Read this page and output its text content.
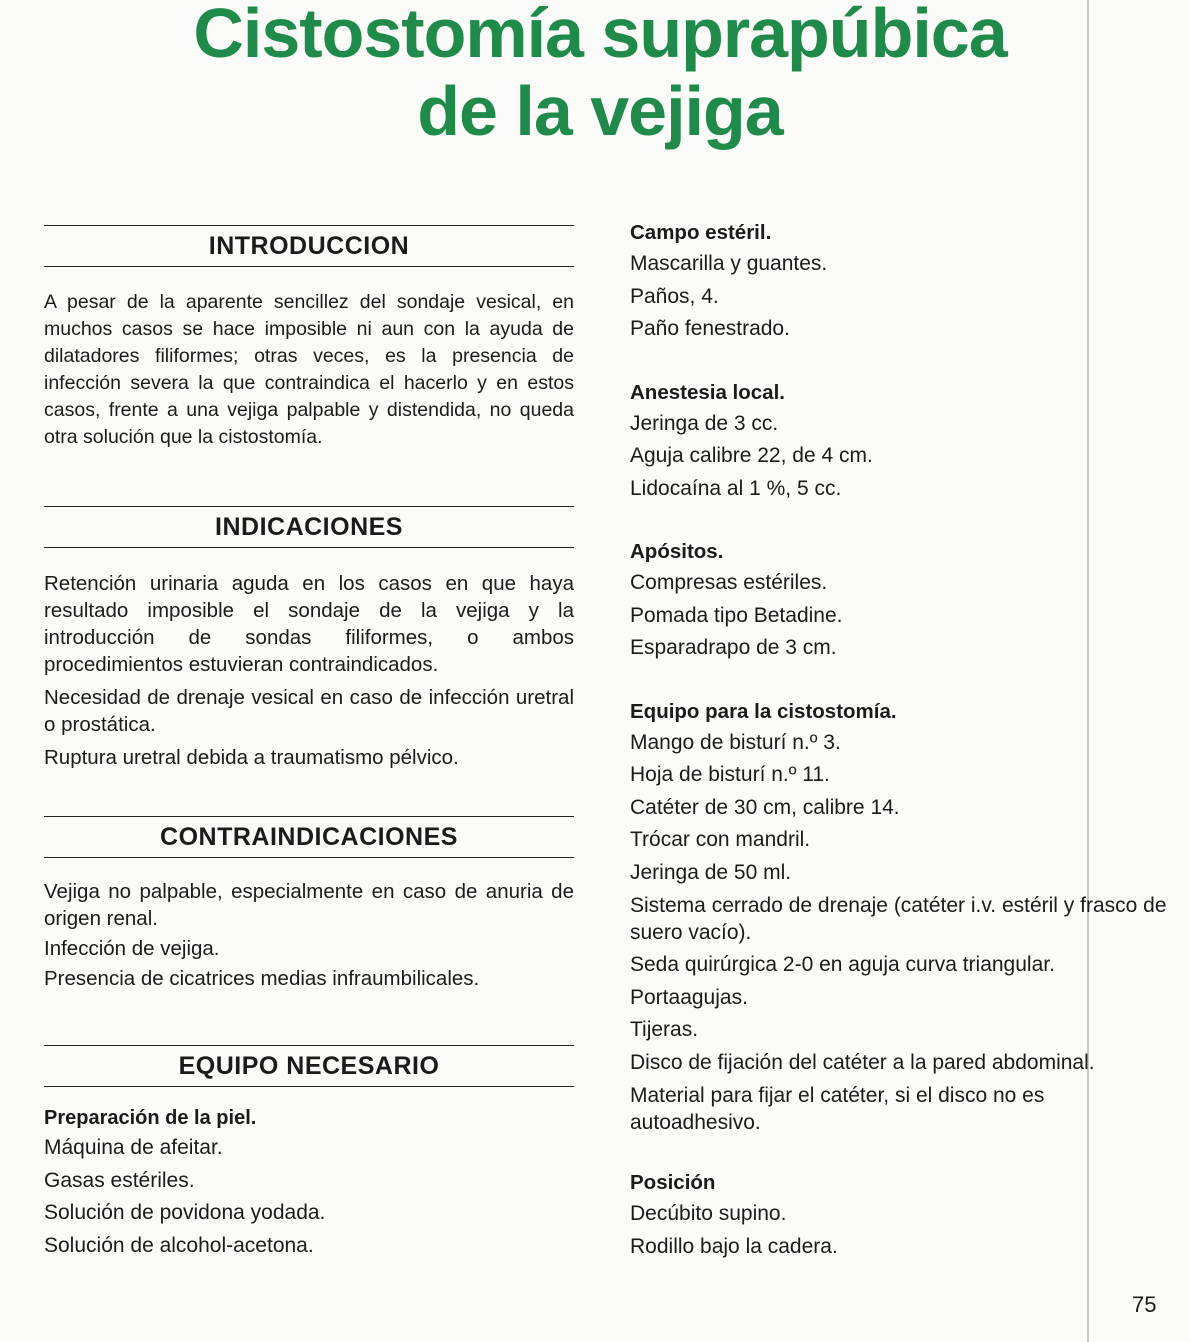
Cistostomía suprapúbica
de la vejiga
INTRODUCCION

A pesar de la aparente sencillez del sondaje vesical, en muchos casos se hace imposible ni aun con la ayuda de dilatadores filiformes; otras veces, es la presencia de infección severa la que contraindica el hacerlo y en estos casos, frente a una vejiga palpable y distendida, no queda otra solución que la cistostomía.

INDICACIONES

Retención urinaria aguda en los casos en que haya resultado imposible el sondaje de la vejiga y la introducción de sondas filiformes, o ambos procedimientos estuvieran contraindicados.

Necesidad de drenaje vesical en caso de infección uretral o prostática.

Ruptura uretral debida a traumatismo pélvico.

CONTRAINDICACIONES

Vejiga no palpable, especialmente en caso de anuria de origen renal.

Infección de vejiga.

Presencia de cicatrices medias infraumbilicales.

EQUIPO NECESARIO

Preparación de la piel.

Máquina de afeitar.

Gasas estériles.

Solución de povidona yodada.

Solución de alcohol-acetona.

Campo estéril.

Mascarilla y guantes.

Paños, 4.

Paño fenestrado.

Anestesia local.

Jeringa de 3 cc.

Aguja calibre 22, de 4 cm.

Lidocaína al 1 %, 5 cc.

Apósitos.

Compresas estériles.

Pomada tipo Betadine.

Esparadrapo de 3 cm.

Equipo para la cistostomía.

Mango de bisturí n.º 3.

Hoja de bisturí n.º 11.

Catéter de 30 cm, calibre 14.

Trócar con mandril.

Jeringa de 50 ml.

Sistema cerrado de drenaje (catéter i.v. estéril y frasco de suero vacío).

Seda quirúrgica 2-0 en aguja curva triangular.

Portaagujas.

Tijeras.

Disco de fijación del catéter a la pared abdominal.

Material para fijar el catéter, si el disco no es autoadhesivo.

Posición

Decúbito supino.

Rodillo bajo la cadera.

75
